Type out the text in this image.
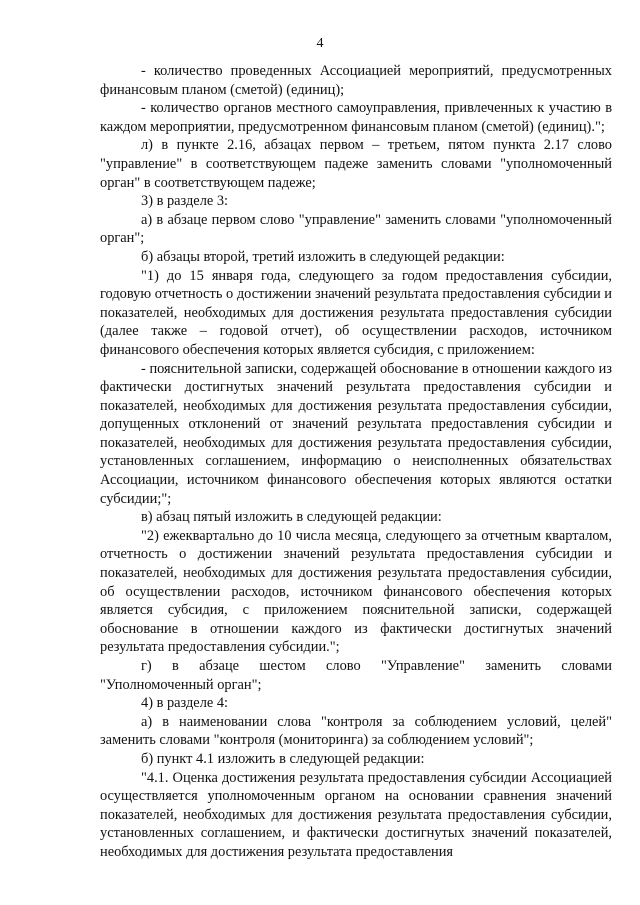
4

- количество проведенных Ассоциацией мероприятий, предусмотренных финансовым планом (сметой) (единиц);

- количество органов местного самоуправления, привлеченных к участию в каждом мероприятии, предусмотренном финансовым планом (сметой) (единиц).";

л) в пункте 2.16, абзацах первом – третьем, пятом пункта 2.17 слово "управление" в соответствующем падеже заменить словами "уполномоченный орган" в соответствующем падеже;

3) в разделе 3:

а) в абзаце первом слово "управление" заменить словами "уполномоченный орган";

б) абзацы второй, третий изложить в следующей редакции:

"1) до 15 января года, следующего за годом предоставления субсидии, годовую отчетность о достижении значений результата предоставления субсидии и показателей, необходимых для достижения результата предоставления субсидии (далее также – годовой отчет), об осуществлении расходов, источником финансового обеспечения которых является субсидия, с приложением:

- пояснительной записки, содержащей обоснование в отношении каждого из фактически достигнутых значений результата предоставления субсидии и показателей, необходимых для достижения результата предоставления субсидии, допущенных отклонений от значений результата предоставления субсидии и показателей, необходимых для достижения результата предоставления субсидии, установленных соглашением, информацию о неисполненных обязательствах Ассоциации, источником финансового обеспечения которых являются остатки субсидии;";

в) абзац пятый изложить в следующей редакции:

"2) ежеквартально до 10 числа месяца, следующего за отчетным кварталом, отчетность о достижении значений результата предоставления субсидии и показателей, необходимых для достижения результата предоставления субсидии, об осуществлении расходов, источником финансового обеспечения которых является субсидия, с приложением пояснительной записки, содержащей обоснование в отношении каждого из фактически достигнутых значений результата предоставления субсидии.";

г) в абзаце шестом слово "Управление" заменить словами "Уполномоченный орган";

4) в разделе 4:

а) в наименовании слова "контроля за соблюдением условий, целей" заменить словами "контроля (мониторинга) за соблюдением условий";

б) пункт 4.1 изложить в следующей редакции:

"4.1. Оценка достижения результата предоставления субсидии Ассоциацией осуществляется уполномоченным органом на основании сравнения значений показателей, необходимых для достижения результата предоставления субсидии, установленных соглашением, и фактически достигнутых значений показателей, необходимых для достижения результата предоставления
